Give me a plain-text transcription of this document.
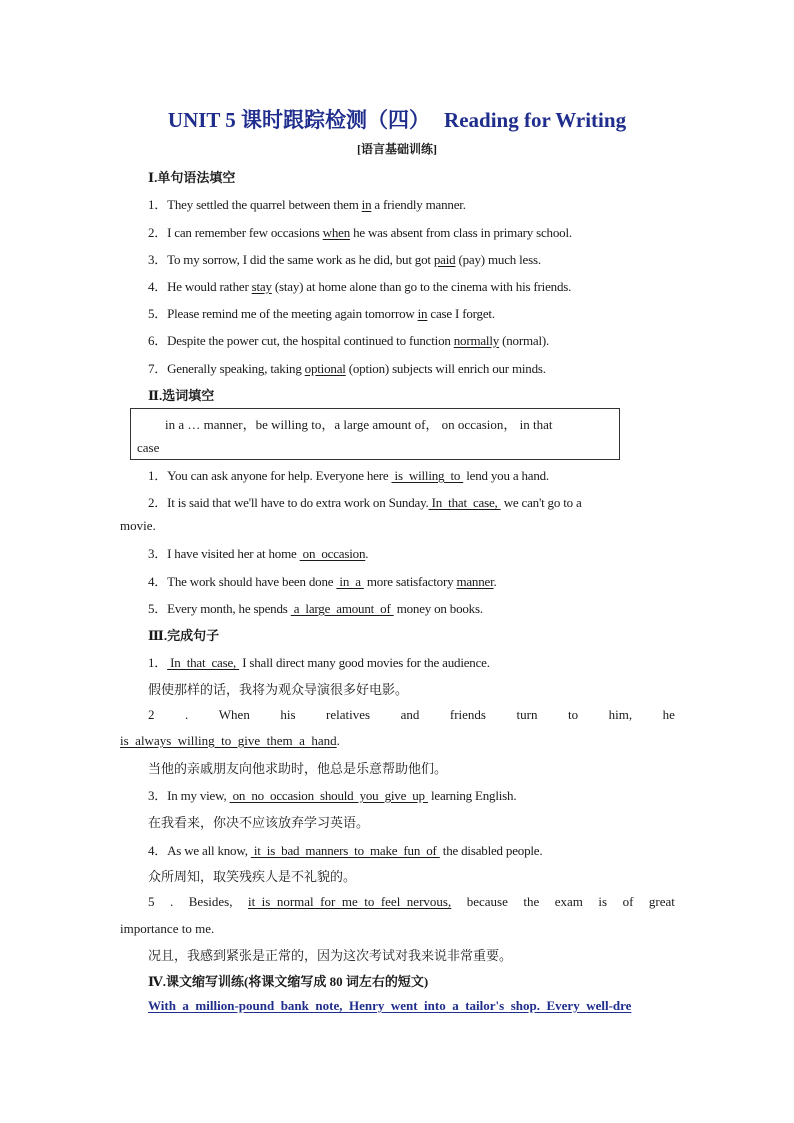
UNIT 5 课时跟踪检测（四） Reading for Writing
[语言基础训练]
Ⅰ.单句语法填空
1．They settled the quarrel between them in a friendly manner.
2．I can remember few occasions when he was absent from class in primary school.
3．To my sorrow, I did the same work as he did, but got paid (pay) much less.
4．He would rather stay (stay) at home alone than go to the cinema with his friends.
5．Please remind me of the meeting again tomorrow in case I forget.
6．Despite the power cut, the hospital continued to function normally (normal).
7．Generally speaking, taking optional (option) subjects will enrich our minds.
Ⅱ.选词填空
in a … manner，be willing to，a large amount of， on occasion， in that
case
1．You can ask anyone for help. Everyone here  is  willing  to  lend you a hand.
2．It is said that we'll have to do extra work on Sunday. In  that  case,  we can't go to a
movie.
3．I have visited her at home  on  occasion.
4．The work should have been done  in  a  more satisfactory manner.
5．Every month, he spends  a  large  amount  of  money on books.
Ⅲ.完成句子
1． In  that  case,  I shall direct many good movies for the audience.
假使那样的话，我将为观众导演很多好电影。
2 . When his relatives and friends turn to him, he
is  always  willing  to  give  them  a  hand.
当他的亲戚朋友向他求助时，他总是乐意帮助他们。
3．In my view,  on  no  occasion  should  you  give  up  learning English.
在我看来，你决不应该放弃学习英语。
4．As we all know,  it  is  bad  manners  to  make  fun  of  the disabled people.
众所周知，取笑残疾人是不礼貌的。
5 . Besides, it  is  normal  for  me  to  feel  nervous, because the exam is of great
importance to me.
况且，我感到紧张是正常的，因为这次考试对我来说非常重要。
Ⅳ.课文缩写训练(将课文缩写成 80 词左右的短文)
With  a  million-pound  bank  note,  Henry  went  into  a  tailor's  shop.  Every  well-dre
